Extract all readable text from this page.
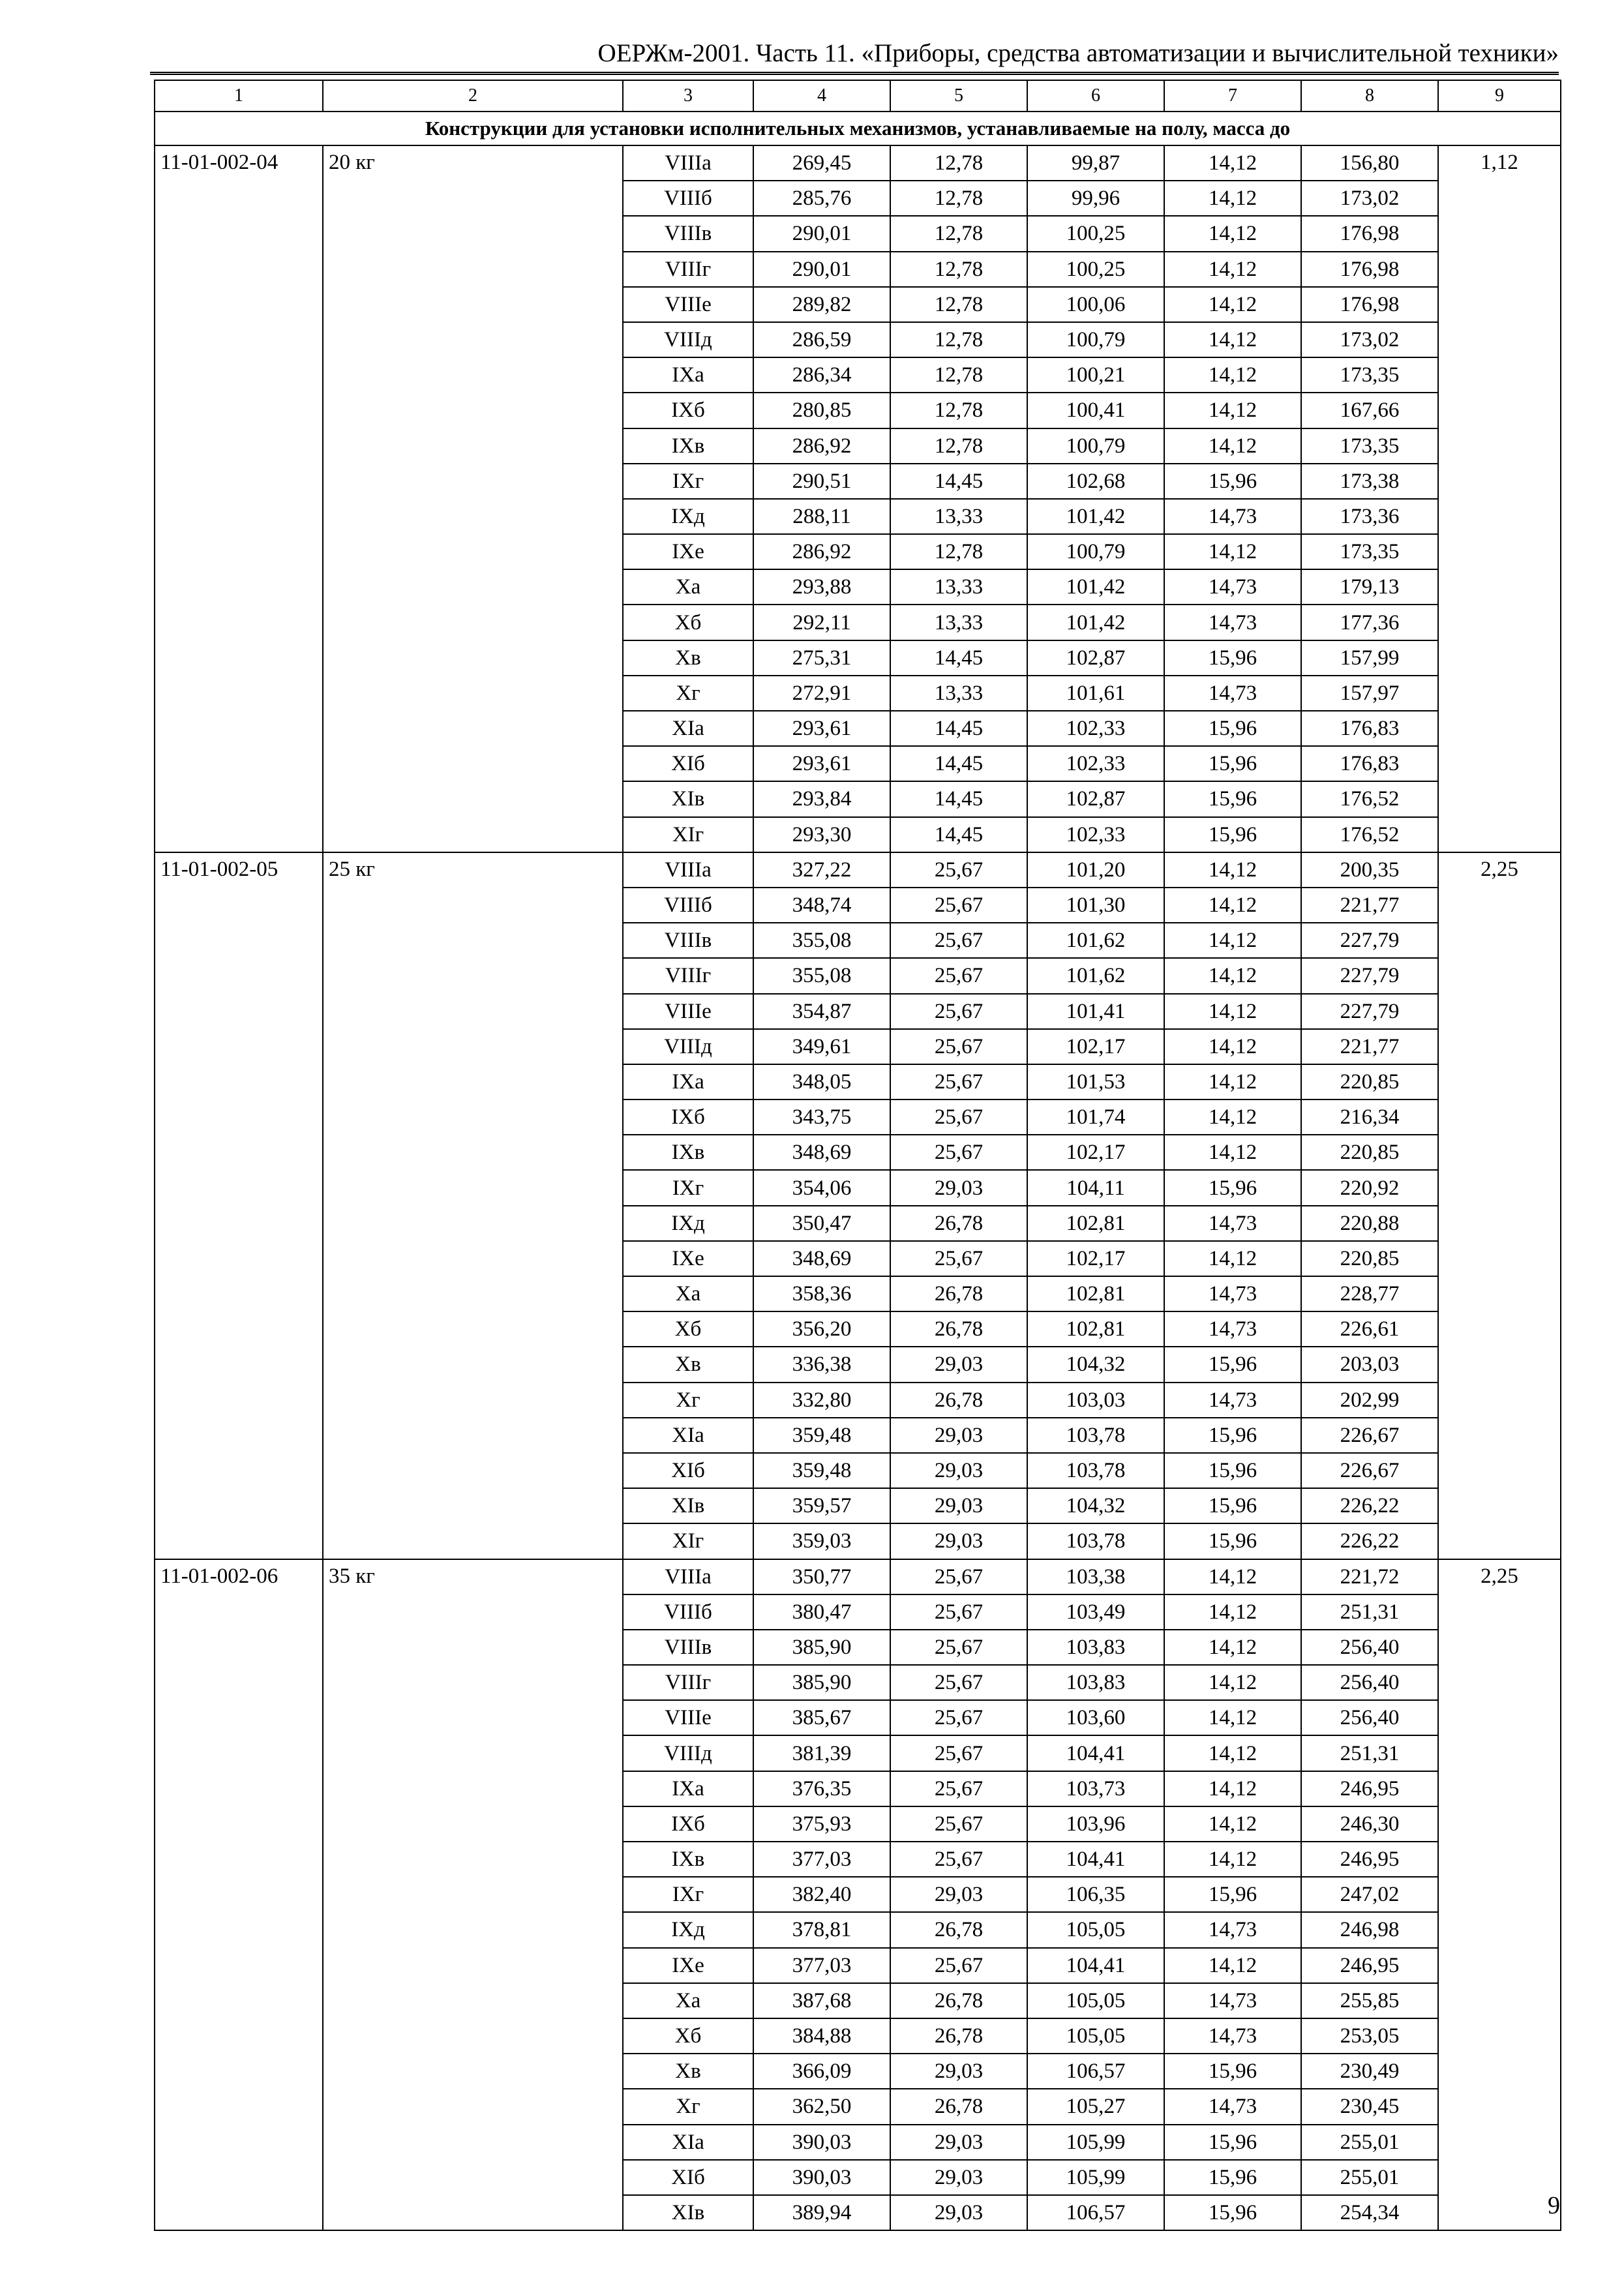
ОЕРЖм-2001. Часть 11. «Приборы, средства автоматизации и вычислительной техники»
1	2	3	4	5	6	7	8	9
Конструкции для установки исполнительных механизмов, устанавливаемые на полу, масса до								
11-01-002-04	20 кг	VIIIа	269,45	12,78	99,87	14,12	156,80	1,12
		VIIIб	285,76	12,78	99,96	14,12	173,02	
		VIIIв	290,01	12,78	100,25	14,12	176,98	
		VIIIг	290,01	12,78	100,25	14,12	176,98	
		VIIIе	289,82	12,78	100,06	14,12	176,98	
		VIIIд	286,59	12,78	100,79	14,12	173,02	
		IXа	286,34	12,78	100,21	14,12	173,35	
		IXб	280,85	12,78	100,41	14,12	167,66	
		IXв	286,92	12,78	100,79	14,12	173,35	
		IXг	290,51	14,45	102,68	15,96	173,38	
		IXд	288,11	13,33	101,42	14,73	173,36	
		IXе	286,92	12,78	100,79	14,12	173,35	
		Xа	293,88	13,33	101,42	14,73	179,13	
		Xб	292,11	13,33	101,42	14,73	177,36	
		Xв	275,31	14,45	102,87	15,96	157,99	
		Xг	272,91	13,33	101,61	14,73	157,97	
		XIа	293,61	14,45	102,33	15,96	176,83	
		XIб	293,61	14,45	102,33	15,96	176,83	
		XIв	293,84	14,45	102,87	15,96	176,52	
		XIг	293,30	14,45	102,33	15,96	176,52	
11-01-002-05	25 кг	VIIIа	327,22	25,67	101,20	14,12	200,35	2,25
		VIIIб	348,74	25,67	101,30	14,12	221,77	
		VIIIв	355,08	25,67	101,62	14,12	227,79	
		VIIIг	355,08	25,67	101,62	14,12	227,79	
		VIIIе	354,87	25,67	101,41	14,12	227,79	
		VIIIд	349,61	25,67	102,17	14,12	221,77	
		IXа	348,05	25,67	101,53	14,12	220,85	
		IXб	343,75	25,67	101,74	14,12	216,34	
		IXв	348,69	25,67	102,17	14,12	220,85	
		IXг	354,06	29,03	104,11	15,96	220,92	
		IXд	350,47	26,78	102,81	14,73	220,88	
		IXе	348,69	25,67	102,17	14,12	220,85	
		Xа	358,36	26,78	102,81	14,73	228,77	
		Xб	356,20	26,78	102,81	14,73	226,61	
		Xв	336,38	29,03	104,32	15,96	203,03	
		Xг	332,80	26,78	103,03	14,73	202,99	
		XIа	359,48	29,03	103,78	15,96	226,67	
		XIб	359,48	29,03	103,78	15,96	226,67	
		XIв	359,57	29,03	104,32	15,96	226,22	
		XIг	359,03	29,03	103,78	15,96	226,22	
11-01-002-06	35 кг	VIIIа	350,77	25,67	103,38	14,12	221,72	2,25
		VIIIб	380,47	25,67	103,49	14,12	251,31	
		VIIIв	385,90	25,67	103,83	14,12	256,40	
		VIIIг	385,90	25,67	103,83	14,12	256,40	
		VIIIе	385,67	25,67	103,60	14,12	256,40	
		VIIIд	381,39	25,67	104,41	14,12	251,31	
		IXа	376,35	25,67	103,73	14,12	246,95	
		IXб	375,93	25,67	103,96	14,12	246,30	
		IXв	377,03	25,67	104,41	14,12	246,95	
		IXг	382,40	29,03	106,35	15,96	247,02	
		IXд	378,81	26,78	105,05	14,73	246,98	
		IXе	377,03	25,67	104,41	14,12	246,95	
		Xа	387,68	26,78	105,05	14,73	255,85	
		Xб	384,88	26,78	105,05	14,73	253,05	
		Xв	366,09	29,03	106,57	15,96	230,49	
		Xг	362,50	26,78	105,27	14,73	230,45	
		XIа	390,03	29,03	105,99	15,96	255,01	
		XIб	390,03	29,03	105,99	15,96	255,01	
		XIв	389,94	29,03	106,57	15,96	254,34		9
